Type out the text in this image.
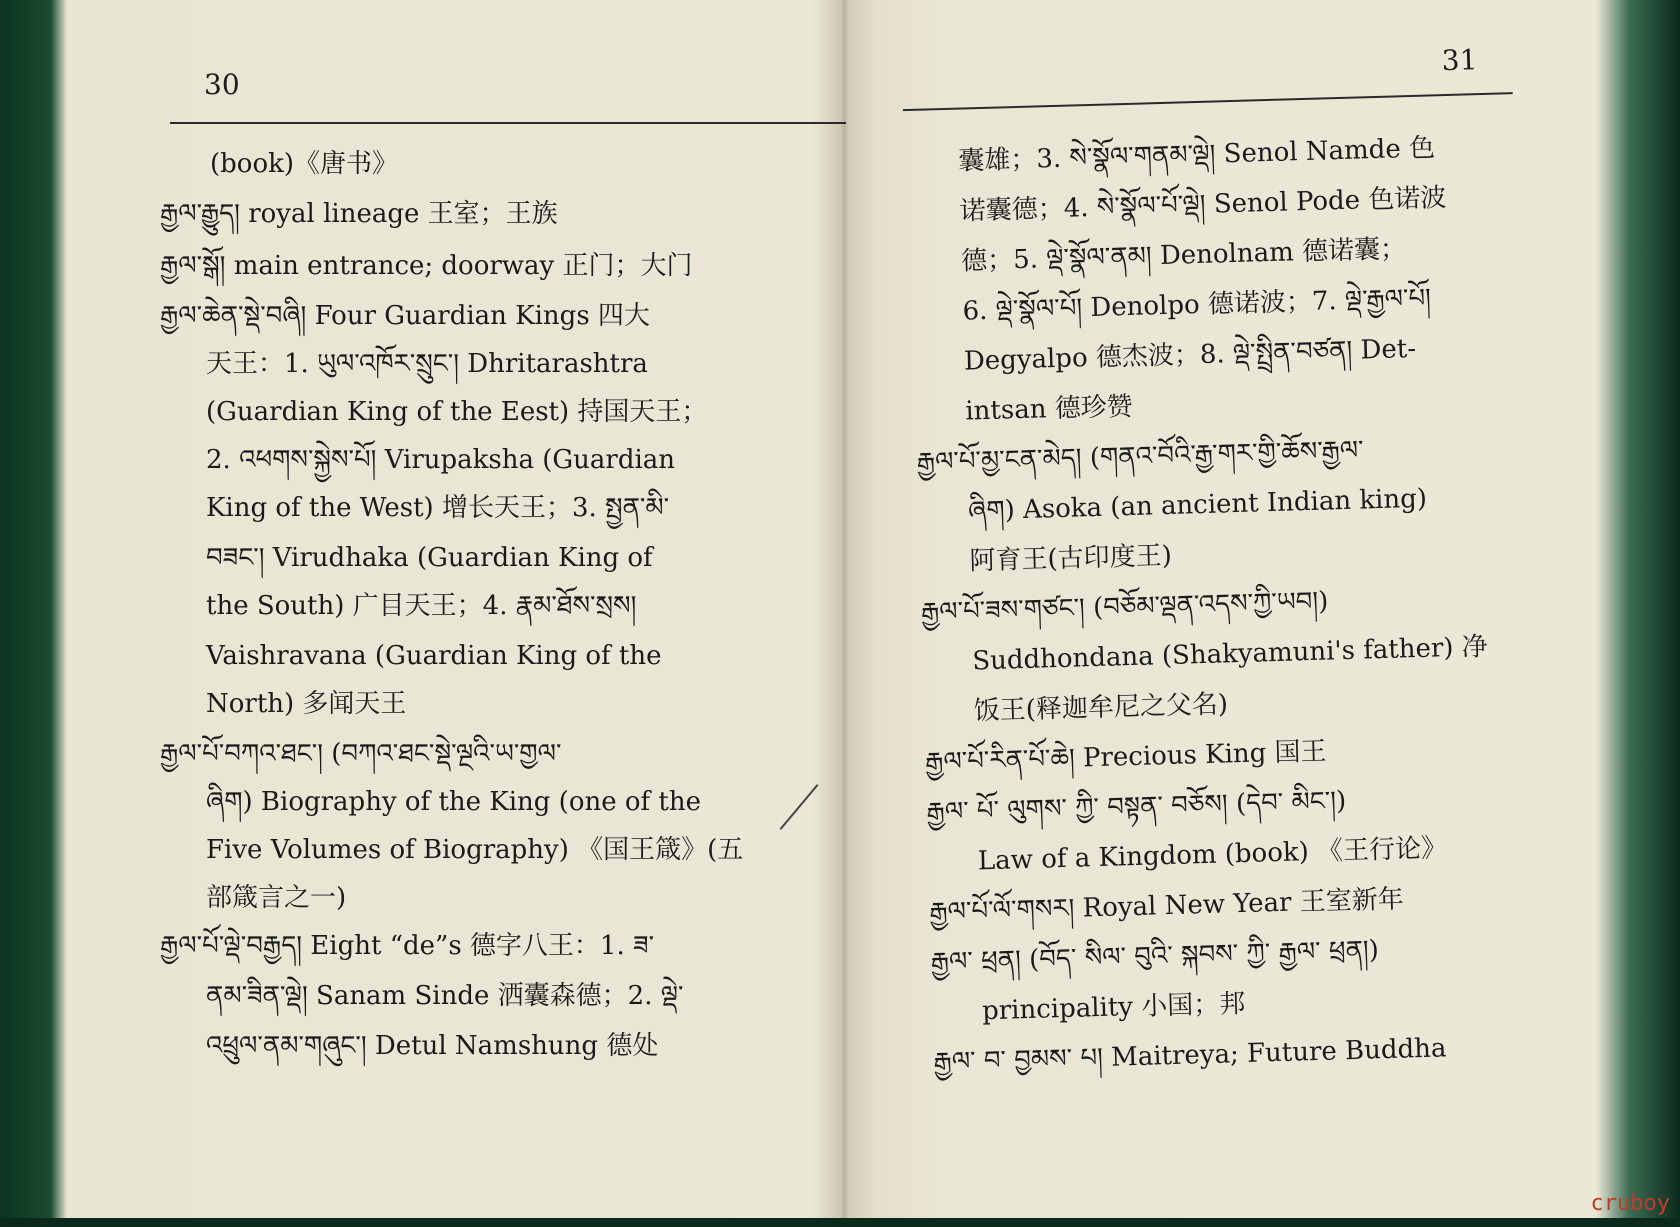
30
(book)《唐书》
རྒྱལ་རྒྱུད། royal lineage 王室；王族
རྒྱལ་སྒོ། main entrance; doorway 正门；大门
རྒྱལ་ཆེན་སྡེ་བཞི། Four Guardian Kings 四大
天王：1. ཡུལ་འཁོར་སྲུང་། Dhritarashtra
(Guardian King of the Eest) 持国天王；
2. འཕགས་སྐྱེས་པོ། Virupaksha (Guardian
King of the West) 增长天王；3. སྤྱན་མི་
བཟང་། Virudhaka (Guardian King of
the South) 广目天王；4. རྣམ་ཐོས་སྲས།
Vaishravana (Guardian King of the
North) 多闻天王
རྒྱལ་པོ་བཀའ་ཐང་། (བཀའ་ཐང་སྡེ་ལྔའི་ཡ་གྱལ་
ཞིག) Biography of the King (one of the
Five Volumes of Biography) 《国王箴》(五
部箴言之一)
རྒྱལ་པོ་ལྡེ་བརྒྱད། Eight “de”s 德字八王：1. ཟ་
ནམ་ཟིན་ལྡེ། Sanam Sinde 洒囊森德；2. ལྡེ་
འཕྲུལ་ནམ་གཞུང་། Detul Namshung 德处
31
囊雄；3. སེ་སྣོལ་གནམ་ལྡེ། Senol Namde 色
诺囊德；4. སེ་སྣོལ་པོ་ལྡེ། Senol Pode 色诺波
德；5. ལྡེ་སྣོལ་ནམ། Denolnam 德诺囊；
6. ལྡེ་སྣོལ་པོ། Denolpo 德诺波；7. ལྡེ་རྒྱལ་པོ།
Degyalpo 德杰波；8. ལྡེ་སྤྲིན་བཙན། Det-
intsan 德珍赞
རྒྱལ་པོ་མྱ་ངན་མེད། (གནའ་བོའི་རྒྱ་གར་གྱི་ཆོས་རྒྱལ་
ཞིག) Asoka (an ancient Indian king)
阿育王(古印度王)
རྒྱལ་པོ་ཟས་གཙང་། (བཅོམ་ལྡན་འདས་ཀྱི་ཡབ།)
Suddhondana (Shakyamuni's father) 净
饭王(释迦牟尼之父名)
རྒྱལ་པོ་རིན་པོ་ཆེ། Precious King 国王
རྒྱལ་ པོ་ ལུགས་ ཀྱི་ བསྟན་ བཅོས། (དེབ་ མིང་།)
Law of a Kingdom (book) 《王行论》
རྒྱལ་པོ་ལོ་གསར། Royal New Year 王室新年
རྒྱལ་ ཕྲན། (བོད་ སིལ་ བུའི་ སྐབས་ ཀྱི་ རྒྱལ་ ཕྲན།)
principality 小国；邦
རྒྱལ་ བ་ བྱམས་ པ། Maitreya; Future Buddha
cruboy
